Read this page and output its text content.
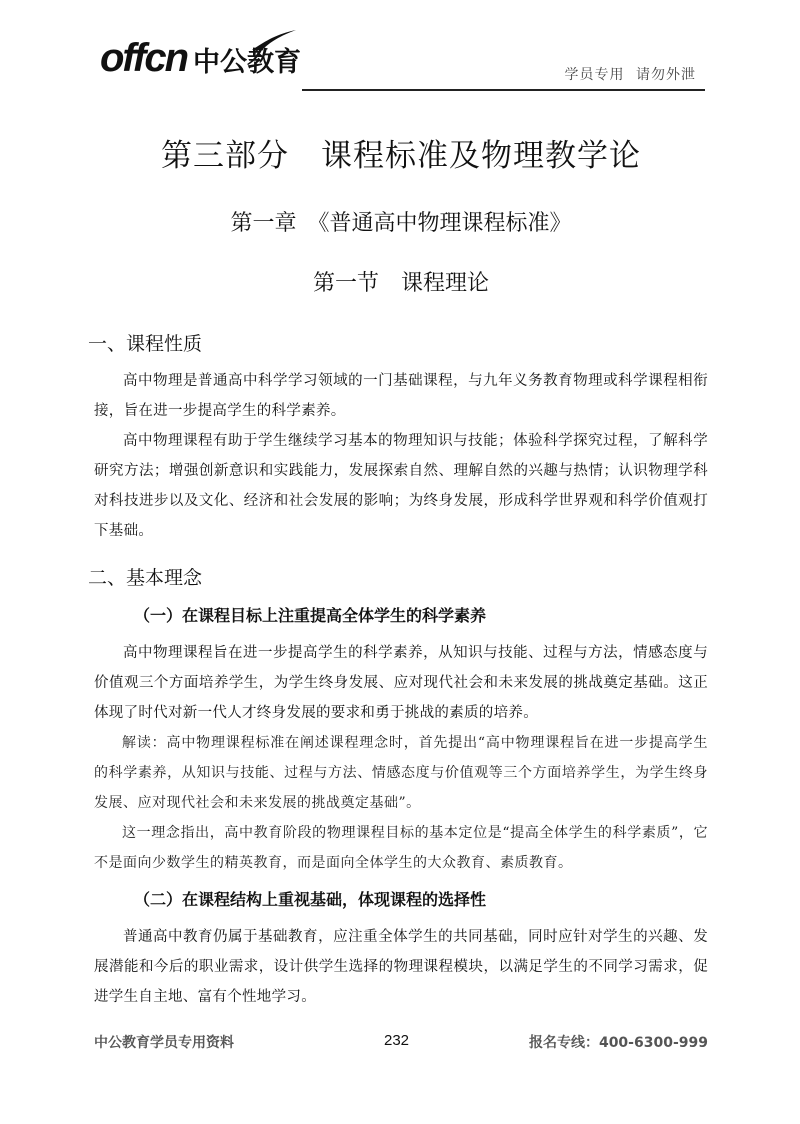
offcn 中公教育	学员专用 请勿外泄
第三部分　课程标准及物理教学论
第一章　《普通高中物理课程标准》
第一节　课程理论
一、课程性质

高中物理是普通高中科学学习领域的一门基础课程，与九年义务教育物理或科学课程相衔接，旨在进一步提高学生的科学素养。

高中物理课程有助于学生继续学习基本的物理知识与技能；体验科学探究过程，了解科学研究方法；增强创新意识和实践能力，发展探索自然、理解自然的兴趣与热情；认识物理学科对科技进步以及文化、经济和社会发展的影响；为终身发展，形成科学世界观和科学价值观打下基础。

二、基本理念
（一）在课程目标上注重提高全体学生的科学素养

高中物理课程旨在进一步提高学生的科学素养，从知识与技能、过程与方法，情感态度与价值观三个方面培养学生，为学生终身发展、应对现代社会和未来发展的挑战奠定基础。这正体现了时代对新一代人才终身发展的要求和勇于挑战的素质的培养。

解读：高中物理课程标准在阐述课程理念时，首先提出“高中物理课程旨在进一步提高学生的科学素养，从知识与技能、过程与方法、情感态度与价值观等三个方面培养学生，为学生终身发展、应对现代社会和未来发展的挑战奠定基础”。

这一理念指出，高中教育阶段的物理课程目标的基本定位是“提高全体学生的科学素质”，它不是面向少数学生的精英教育，而是面向全体学生的大众教育、素质教育。

（二）在课程结构上重视基础，体现课程的选择性

普通高中教育仍属于基础教育，应注重全体学生的共同基础，同时应针对学生的兴趣、发展潜能和今后的职业需求，设计供学生选择的物理课程模块，以满足学生的不同学习需求，促进学生自主地、富有个性地学习。

中公教育学员专用资料	232	报名专线：400-6300-999
